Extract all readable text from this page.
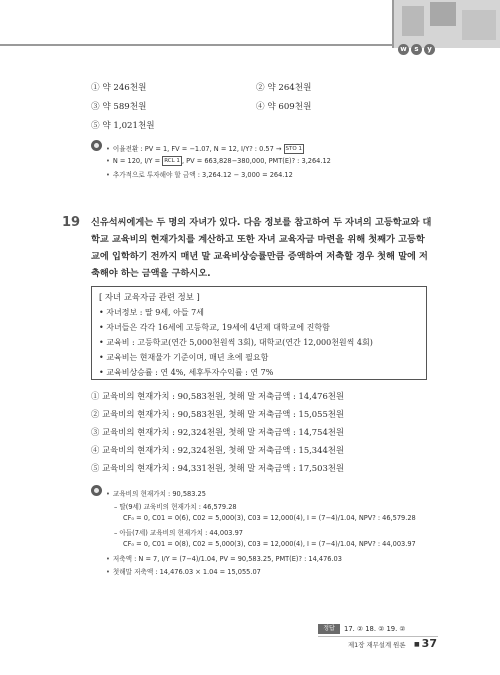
w	s	y
① 약 246천원	② 약 264천원
③ 약 589천원	④ 약 609천원
⑤ 약 1,021천원
• 이율전환 : PV = 1, FV = −1.07, N = 12, I/Y? : 0.57 → STO 1
• N = 120, I/Y = RCL 1 , PV = 663,828−380,000, PMT(E)? : 3,264.12
• 추가적으로 투자해야 할 금액 : 3,264.12 − 3,000 = 264.12
19 신유석씨에게는 두 명의 자녀가 있다. 다음 정보를 참고하여 두 자녀의 고등학교와 대학교 교육비의 현재가치를 계산하고 또한 자녀 교육자금 마련을 위해 첫째가 고등학교에 입학하기 전까지 매년 말 교육비상승률만큼 증액하여 저축할 경우 첫해 말에 저축해야 하는 금액을 구하시오.
[ 자녀 교육자금 관련 정보 ]
• 자녀정보 : 딸 9세, 아들 7세
• 자녀들은 각각 16세에 고등학교, 19세에 4년제 대학교에 진학함
• 교육비 : 고등학교(연간 5,000천원씩 3회), 대학교(연간 12,000천원씩 4회)
• 교육비는 현재물가 기준이며, 매년 초에 필요함
• 교육비상승률 : 연 4%, 세후투자수익률 : 연 7%
① 교육비의 현재가치 : 90,583천원, 첫해 말 저축금액 : 14,476천원
② 교육비의 현재가치 : 90,583천원, 첫해 말 저축금액 : 15,055천원
③ 교육비의 현재가치 : 92,324천원, 첫해 말 저축금액 : 14,754천원
④ 교육비의 현재가치 : 92,324천원, 첫해 말 저축금액 : 15,344천원
⑤ 교육비의 현재가치 : 94,331천원, 첫해 말 저축금액 : 17,503천원
• 교육비의 현재가치 : 90,583.25
– 딸(9세) 교육비의 현재가치 : 46,579.28
CF₀ = 0, C01 = 0(6), C02 = 5,000(3), C03 = 12,000(4), I = (7−4)/1.04, NPV? : 46,579.28
– 아들(7세) 교육비의 현재가치 : 44,003.97
CF₀ = 0, C01 = 0(8), C02 = 5,000(3), C03 = 12,000(4), I = (7−4)/1.04, NPV? : 44,003.97
• 저축액 : N = 7, I/Y = (7−4)/1.04, PV = 90,583.25, PMT(E)? : 14,476.03
• 첫해말 저축액 : 14,476.03 × 1.04 = 15,055.07
정답	17. ② 18. ② 19. ②
제1장 재무설계 원론
■	37
